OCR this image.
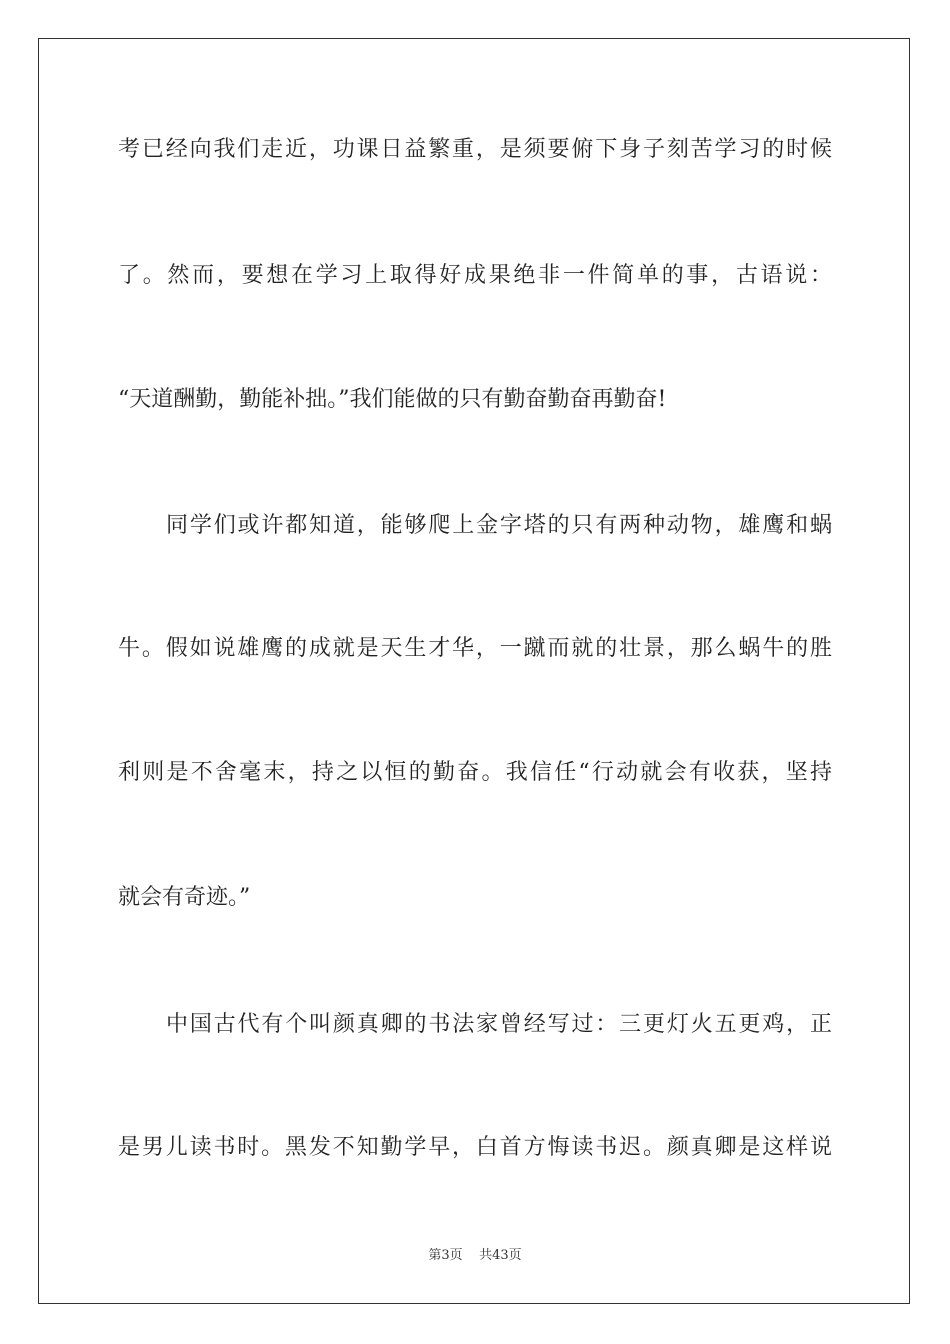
考已经向我们走近，功课日益繁重，是须要俯下身子刻苦学习的时候
了。然而，要想在学习上取得好成果绝非一件简单的事，古语说：
“天道酬勤，勤能补拙。”我们能做的只有勤奋勤奋再勤奋!
同学们或许都知道，能够爬上金字塔的只有两种动物，雄鹰和蜗
牛。假如说雄鹰的成就是天生才华，一蹴而就的壮景，那么蜗牛的胜
利则是不舍毫末，持之以恒的勤奋。我信任“行动就会有收获，坚持
就会有奇迹。”
中国古代有个叫颜真卿的书法家曾经写过：三更灯火五更鸡，正
是男儿读书时。黑发不知勤学早，白首方悔读书迟。颜真卿是这样说
第3页 共43页
